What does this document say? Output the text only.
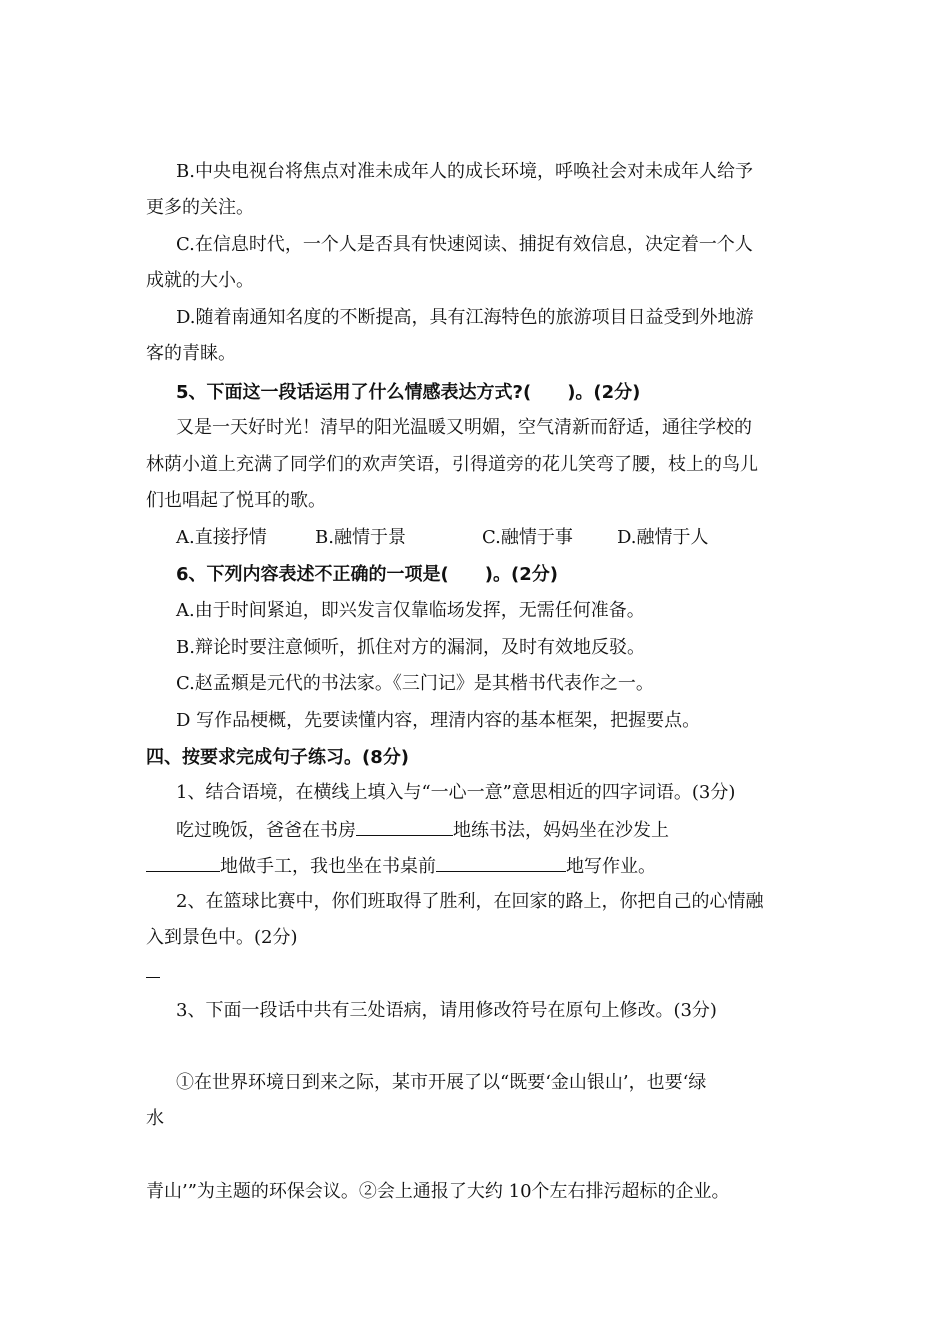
B.中央电视台将焦点对准未成年人的成长环境，呼唤社会对未成年人给予
更多的关注。
C.在信息时代，一个人是否具有快速阅读、捕捉有效信息，决定着一个人
成就的大小。
D.随着南通知名度的不断提高，具有江海特色的旅游项目日益受到外地游
客的青睐。
5、下面这一段话运用了什么情感表达方式?(　　)。(2分)
又是一天好时光！清早的阳光温暖又明媚，空气清新而舒适，通往学校的
林荫小道上充满了同学们的欢声笑语，引得道旁的花儿笑弯了腰，枝上的鸟儿
们也唱起了悦耳的歌。
A.直接抒情	B.融情于景	C.融情于事 D.融情于人
6、下列内容表述不正确的一项是(　　)。(2分)
A.由于时间紧迫，即兴发言仅靠临场发挥，无需任何准备。
B.辩论时要注意倾听，抓住对方的漏洞，及时有效地反驳。
C.赵孟頫是元代的书法家。《三门记》是其楷书代表作之一。
D 写作品梗概，先要读懂内容，理清内容的基本框架，把握要点。
四、按要求完成句子练习。(8分)
1、结合语境，在横线上填入与“一心一意”意思相近的四字词语。(3分)
吃过晚饭，爸爸在书房	地练书法，妈妈坐在沙发上
地做手工，我也坐在书桌前	地写作业。
2、在篮球比赛中，你们班取得了胜利，在回家的路上，你把自己的心情融
入到景色中。(2分)
3、下面一段话中共有三处语病，请用修改符号在原句上修改。(3分)
①在世界环境日到来之际，某市开展了以“既要‘金山银山’，也要‘绿
水
青山’”为主题的环保会议。②会上通报了大约 10个左右排污超标的企业。
